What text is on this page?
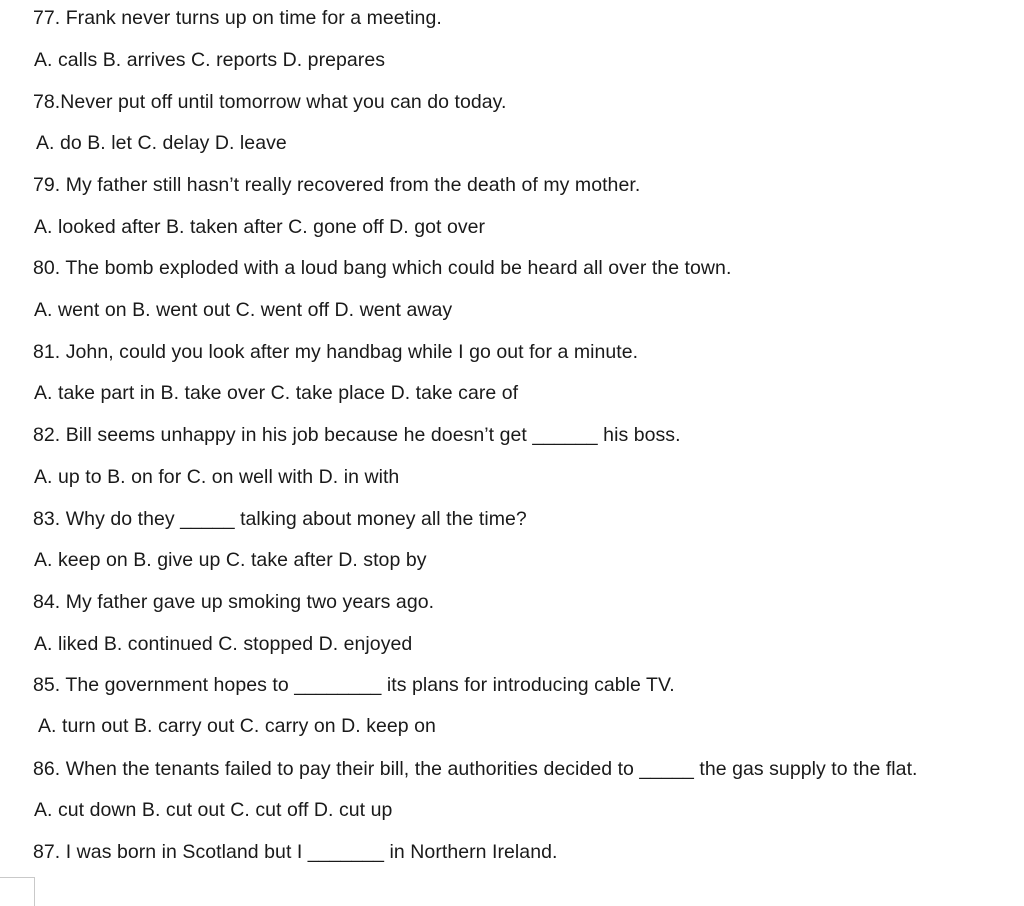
77. Frank never turns up on time for a meeting.
A. calls B. arrives C. reports D. prepares
78.Never put off until tomorrow what you can do today.
A. do B. let C. delay D. leave
79. My father still hasn’t really recovered from the death of my mother.
A. looked after B. taken after C. gone off D. got over
80. The bomb exploded with a loud bang which could be heard all over the town.
A. went on B. went out C. went off D. went away
81. John, could you look after my handbag while I go out for a minute.
A. take part in B. take over C. take place D. take care of
82. Bill seems unhappy in his job because he doesn’t get ______ his boss.
A. up to B. on for C. on well with D. in with
83. Why do they _____ talking about money all the time?
A. keep on B. give up C. take after D. stop by
84. My father gave up smoking two years ago.
A. liked B. continued C. stopped D. enjoyed
85. The government hopes to ________ its plans for introducing cable TV.
A. turn out B. carry out C. carry on D. keep on
86. When the tenants failed to pay their bill, the authorities decided to _____ the gas supply to the flat.
A. cut down B. cut out C. cut off D. cut up
87. I was born in Scotland but I _______ in Northern Ireland.
